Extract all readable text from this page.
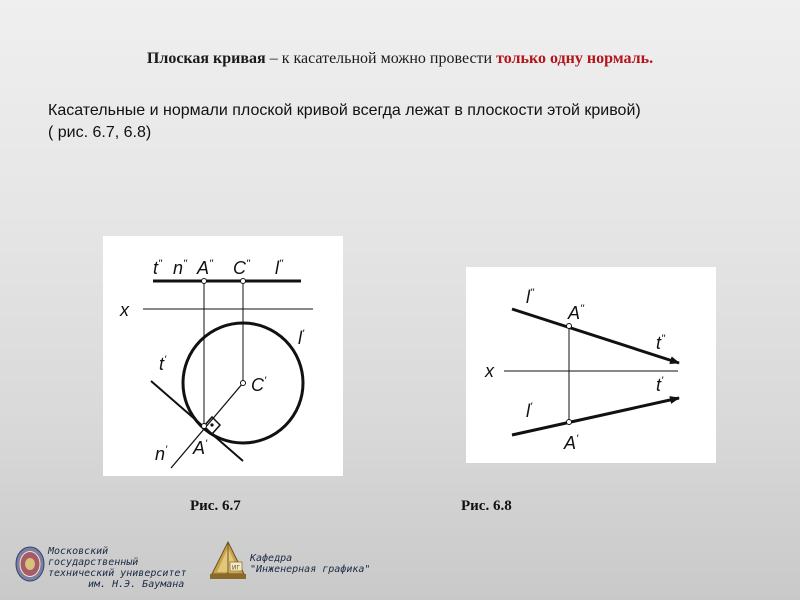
Плоская кривая – к касательной можно провести только одну нормаль.
Касательные и нормали плоской кривой всегда лежат в плоскости этой кривой)
( рис. 6.7, 6.8)
t" n" A" C" l"
x
l'
t'
C'
n' A'
Рис. 6.7
l"
A"
t"
x
t'
l'
A'
Рис. 6.8
Московский государственный
технический университет
им. Н.Э. Баумана
ИГ
Кафедра
"Инженерная графика"
